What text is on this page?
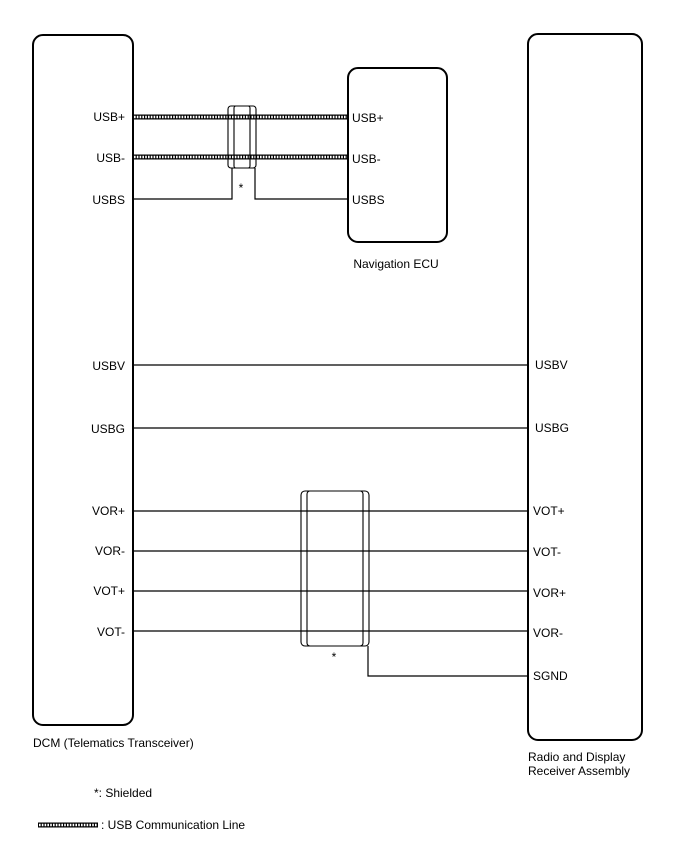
*
*
USB+
USB-
USBS
USBV
USBG
VOR+
VOR-
VOT+
VOT-
USB+
USB-
USBS
USBV
USBG
VOT+
VOT-
VOR+
VOR-
SGND
DCM (Telematics Transceiver)
Navigation ECU
Radio and Display
Receiver Assembly
*: Shielded
: USB Communication Line
